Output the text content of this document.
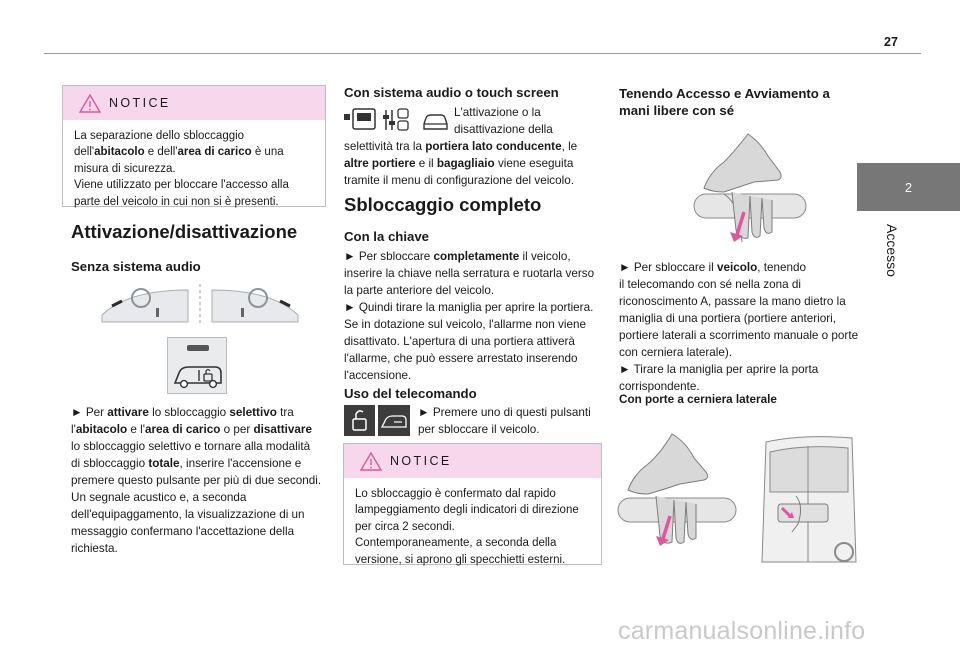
27
2
Accesso
NOTICE
La separazione dello sbloccaggio
dell'abitacolo e dell'area di carico è una
misura di sicurezza.
Viene utilizzato per bloccare l'accesso alla
parte del veicolo in cui non si è presenti.
Attivazione/disattivazione
Senza sistema audio

► Per attivare lo sbloccaggio selettivo tra
l'abitacolo e l'area di carico o per disattivare
lo sbloccaggio selettivo e tornare alla modalità
di sbloccaggio totale, inserire l'accensione e
premere questo pulsante per più di due secondi.
Un segnale acustico e, a seconda
dell'equipaggamento, la visualizzazione di un
messaggio confermano l'accettazione della
richiesta.

Con sistema audio o touch screen

L'attivazione o la
disattivazione della

selettività tra la portiera lato conducente, le
altre portiere e il bagagliaio viene eseguita
tramite il menu di configurazione del veicolo.

Sbloccaggio completo
Con la chiave

► Per sbloccare completamente il veicolo,
inserire la chiave nella serratura e ruotarla verso
la parte anteriore del veicolo.
► Quindi tirare la maniglia per aprire la portiera.
Se in dotazione sul veicolo, l'allarme non viene
disattivato. L'apertura di una portiera attiverà
l'allarme, che può essere arrestato inserendo
l'accensione.

Uso del telecomando

► Premere uno di questi pulsanti
per sbloccare il veicolo.

NOTICE
Lo sbloccaggio è confermato dal rapido
lampeggiamento degli indicatori di direzione
per circa 2 secondi.
Contemporaneamente, a seconda della
versione, si aprono gli specchietti esterni.
Tenendo Accesso e Avviamento a mani libere con sé

► Per sbloccare il veicolo, tenendo
il telecomando con sé nella zona di
riconoscimento A, passare la mano dietro la
maniglia di una portiera (portiere anteriori,
portiere laterali a scorrimento manuale o porte
con cerniera laterale).
► Tirare la maniglia per aprire la porta
corrispondente.

Con porte a cerniera laterale
carmanualsonline.info
